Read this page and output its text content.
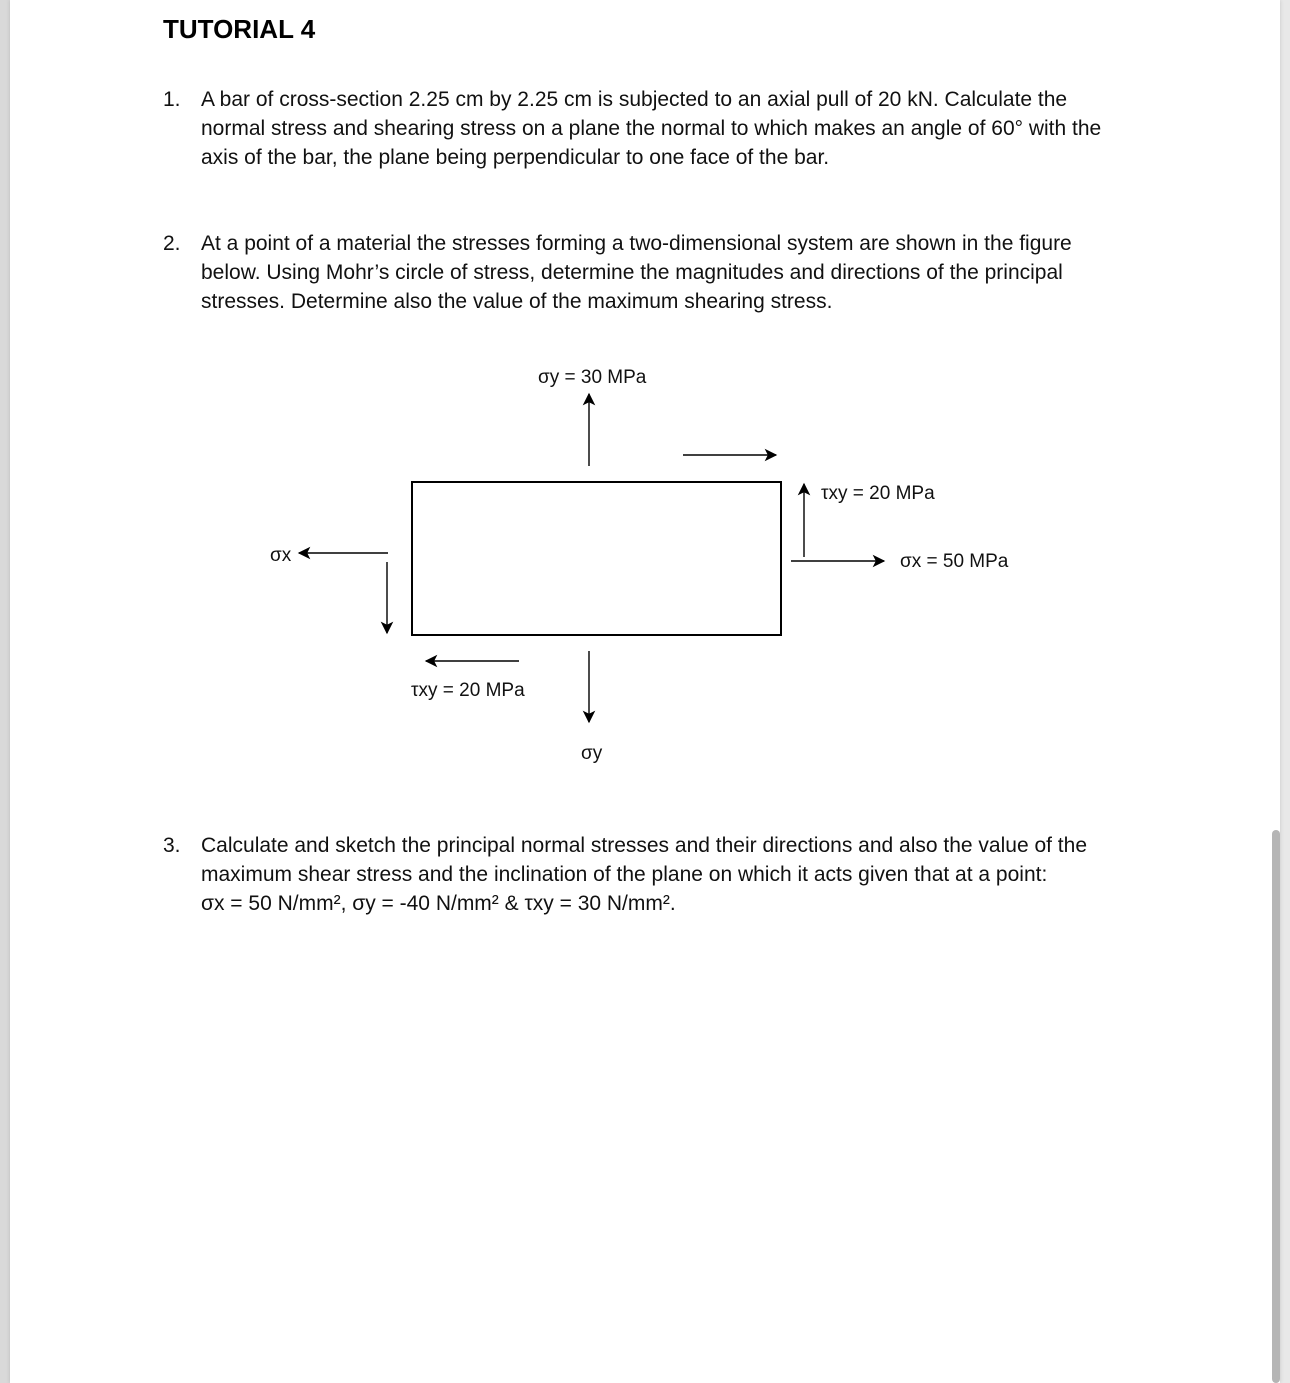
TUTORIAL 4
1. A bar of cross-section 2.25 cm by 2.25 cm is subjected to an axial pull of 20 kN. Calculate the normal stress and shearing stress on a plane the normal to which makes an angle of 60° with the axis of the bar, the plane being perpendicular to one face of the bar.
2. At a point of a material the stresses forming a two-dimensional system are shown in the figure below. Using Mohr’s circle of stress, determine the magnitudes and directions of the principal stresses. Determine also the value of the maximum shearing stress.
σy = 30 MPa
τxy = 20 MPa
σx = 50 MPa
σx
τxy = 20 MPa
σy
3. Calculate and sketch the principal normal stresses and their directions and also the value of the
maximum shear stress and the inclination of the plane on which it acts given that at a point:
σx = 50 N/mm², σy = -40 N/mm² & τxy = 30 N/mm².
